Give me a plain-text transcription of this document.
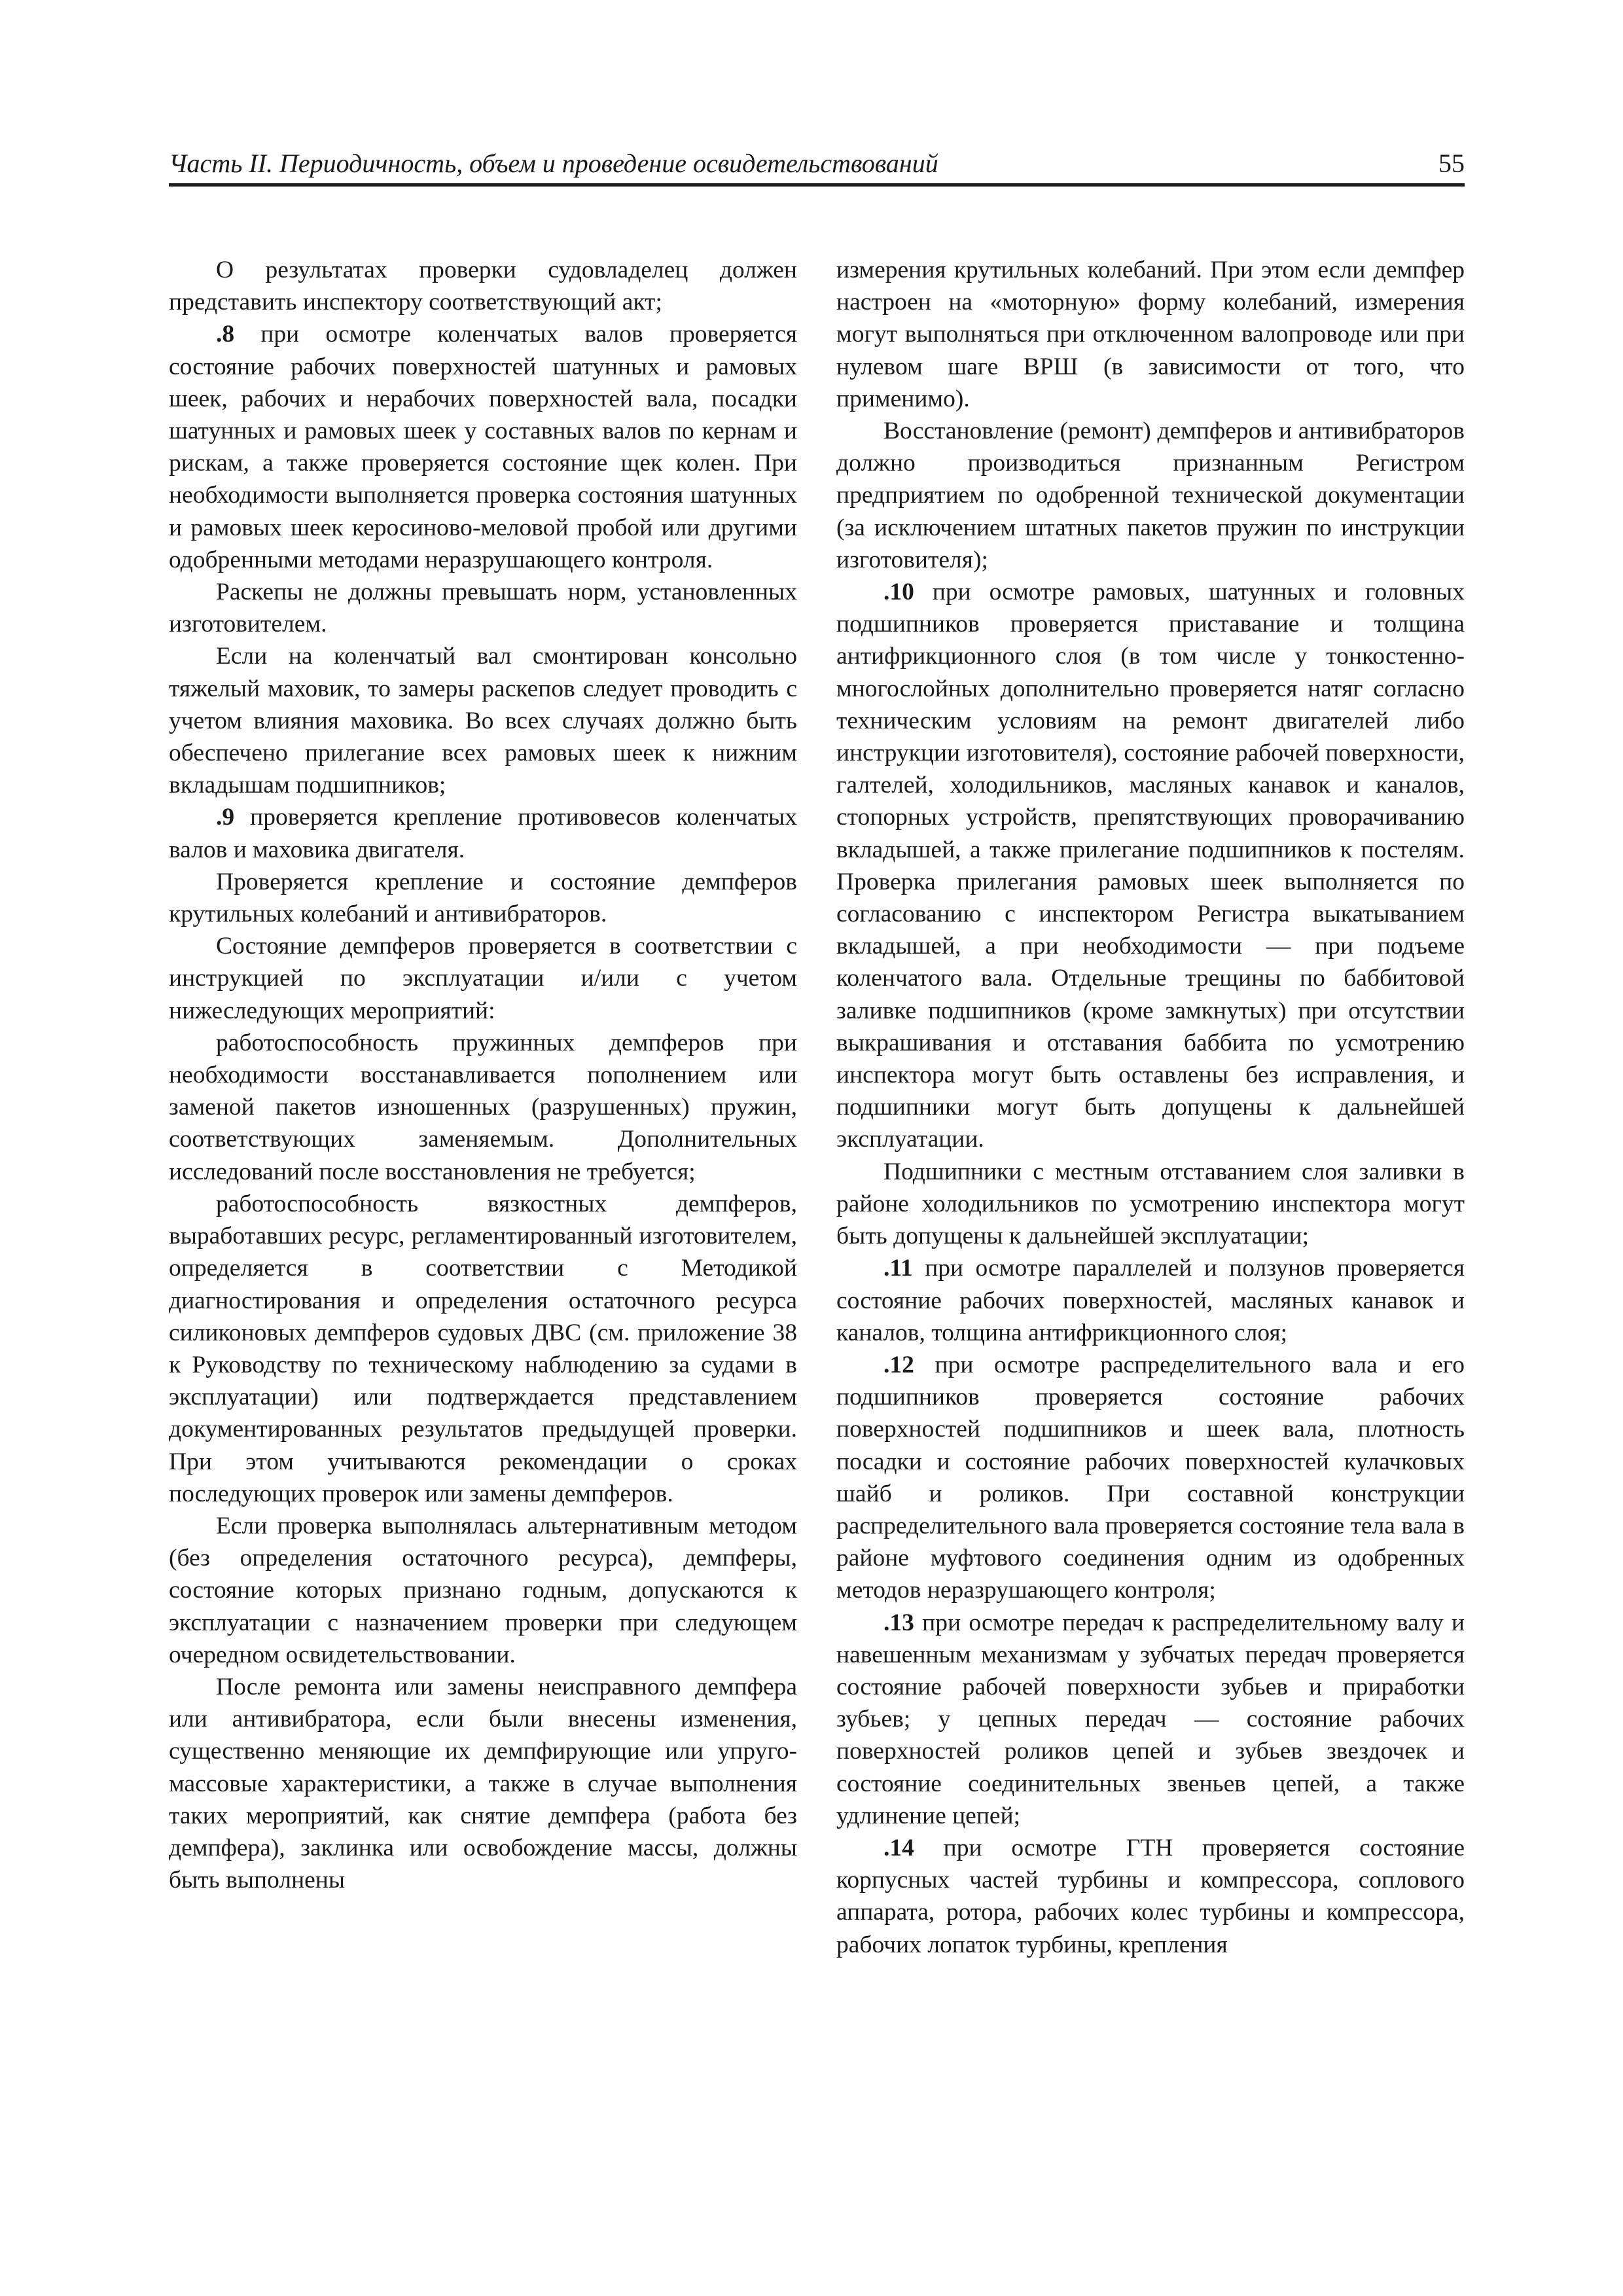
Часть II. Периодичность, объем и проведение освидетельствований	55

О результатах проверки судовладелец должен представить инспектору соответствующий акт;

.8 при осмотре коленчатых валов проверяется состояние рабочих поверхностей шатунных и рамовых шеек, рабочих и нерабочих поверхностей вала, посадки шатунных и рамовых шеек у составных валов по кернам и рискам, а также проверяется состояние щек колен. При необходимости выполняется проверка состояния шатунных и рамовых шеек керосиново-меловой пробой или другими одобренными методами неразрушающего контроля.

Раскепы не должны превышать норм, установленных изготовителем.

Если на коленчатый вал смонтирован консольно тяжелый маховик, то замеры раскепов следует проводить с учетом влияния маховика. Во всех случаях должно быть обеспечено прилегание всех рамовых шеек к нижним вкладышам подшипников;

.9 проверяется крепление противовесов коленчатых валов и маховика двигателя.

Проверяется крепление и состояние демпферов крутильных колебаний и антивибраторов.

Состояние демпферов проверяется в соответствии с инструкцией по эксплуатации и/или с учетом нижеследующих мероприятий:

работоспособность пружинных демпферов при необходимости восстанавливается пополнением или заменой пакетов изношенных (разрушенных) пружин, соответствующих заменяемым. Дополнительных исследований после восстановления не требуется;

работоспособность вязкостных демпферов, выработавших ресурс, регламентированный изготовителем, определяется в соответствии с Методикой диагностирования и определения остаточного ресурса силиконовых демпферов судовых ДВС (см. приложение 38 к Руководству по техническому наблюдению за судами в эксплуатации) или подтверждается представлением документированных результатов предыдущей проверки. При этом учитываются рекомендации о сроках последующих проверок или замены демпферов.

Если проверка выполнялась альтернативным методом (без определения остаточного ресурса), демпферы, состояние которых признано годным, допускаются к эксплуатации с назначением проверки при следующем очередном освидетельствовании.

После ремонта или замены неисправного демпфера или антивибратора, если были внесены изменения, существенно меняющие их демпфирующие или упруго-массовые характеристики, а также в случае выполнения таких мероприятий, как снятие демпфера (работа без демпфера), заклинка или освобождение массы, должны быть выполнены

измерения крутильных колебаний. При этом если демпфер настроен на «моторную» форму колебаний, измерения могут выполняться при отключенном валопроводе или при нулевом шаге ВРШ (в зависимости от того, что применимо).

Восстановление (ремонт) демпферов и антивибраторов должно производиться признанным Регистром предприятием по одобренной технической документации (за исключением штатных пакетов пружин по инструкции изготовителя);

.10 при осмотре рамовых, шатунных и головных подшипников проверяется приставание и толщина антифрикционного слоя (в том числе у тонкостенно-многослойных дополнительно проверяется натяг согласно техническим условиям на ремонт двигателей либо инструкции изготовителя), состояние рабочей поверхности, галтелей, холодильников, масляных канавок и каналов, стопорных устройств, препятствующих проворачиванию вкладышей, а также прилегание подшипников к постелям. Проверка прилегания рамовых шеек выполняется по согласованию с инспектором Регистра выкатыванием вкладышей, а при необходимости — при подъеме коленчатого вала. Отдельные трещины по баббитовой заливке подшипников (кроме замкнутых) при отсутствии выкрашивания и отставания баббита по усмотрению инспектора могут быть оставлены без исправления, и подшипники могут быть допущены к дальнейшей эксплуатации.

Подшипники с местным отставанием слоя заливки в районе холодильников по усмотрению инспектора могут быть допущены к дальнейшей эксплуатации;

.11 при осмотре параллелей и ползунов проверяется состояние рабочих поверхностей, масляных канавок и каналов, толщина антифрикционного слоя;

.12 при осмотре распределительного вала и его подшипников проверяется состояние рабочих поверхностей подшипников и шеек вала, плотность посадки и состояние рабочих поверхностей кулачковых шайб и роликов. При составной конструкции распределительного вала проверяется состояние тела вала в районе муфтового соединения одним из одобренных методов неразрушающего контроля;

.13 при осмотре передач к распределительному валу и навешенным механизмам у зубчатых передач проверяется состояние рабочей поверхности зубьев и приработки зубьев; у цепных передач — состояние рабочих поверхностей роликов цепей и зубьев звездочек и состояние соединительных звеньев цепей, а также удлинение цепей;

.14 при осмотре ГТН проверяется состояние корпусных частей турбины и компрессора, соплового аппарата, ротора, рабочих колес турбины и компрессора, рабочих лопаток турбины, крепления
